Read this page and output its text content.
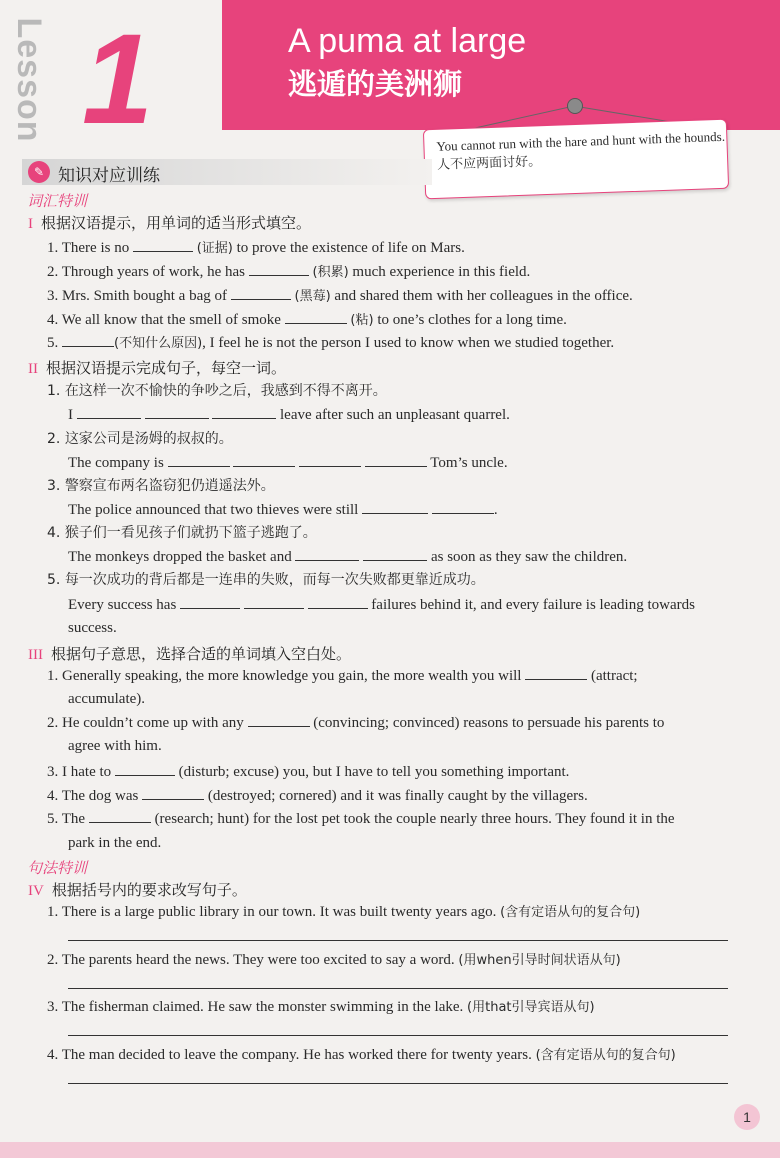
Lesson 1	A puma at large
逃遁的美洲狮
You cannot run with the hare and hunt with the hounds.
人不应两面讨好。
✎ 知识对应训练
词汇特训
I 根据汉语提示，用单词的适当形式填空。
1. There is no	(证据) to prove the existence of life on Mars.
2. Through years of work, he has	(积累) much experience in this field.
3. Mrs. Smith bought a bag of	(黑莓) and shared them with her colleagues in the office.
4. We all know that the smell of smoke	(粘) to one’s clothes for a long time.
5.	(不知什么原因), I feel he is not the person I used to know when we studied together.
II 根据汉语提示完成句子，每空一词。
1. 在这样一次不愉快的争吵之后，我感到不得不离开。
I	leave after such an unpleasant quarrel.
2. 这家公司是汤姆的叔叔的。
The company is	Tom’s uncle.
3. 警察宣布两名盗窃犯仍逍遥法外。
The police announced that two thieves were still	.
4. 猴子们一看见孩子们就扔下篮子逃跑了。
The monkeys dropped the basket and	as soon as they saw the children.
5. 每一次成功的背后都是一连串的失败，而每一次失败都更靠近成功。
Every success has	failures behind it, and every failure is leading towards
success.
III 根据句子意思，选择合适的单词填入空白处。
1. Generally speaking, the more knowledge you gain, the more wealth you will	(attract;
accumulate).
2. He couldn’t come up with any	(convincing; convinced) reasons to persuade his parents to
agree with him.
3. I hate to	(disturb; excuse) you, but I have to tell you something important.
4. The dog was	(destroyed; cornered) and it was finally caught by the villagers.
5. The	(research; hunt) for the lost pet took the couple nearly three hours. They found it in the
park in the end.
句法特训
IV 根据括号内的要求改写句子。
1. There is a large public library in our town. It was built twenty years ago. (含有定语从句的复合句)
2. The parents heard the news. They were too excited to say a word. (用when引导时间状语从句)
3. The fisherman claimed. He saw the monster swimming in the lake. (用that引导宾语从句)
4. The man decided to leave the company. He has worked there for twenty years. (含有定语从句的复合句)
1
